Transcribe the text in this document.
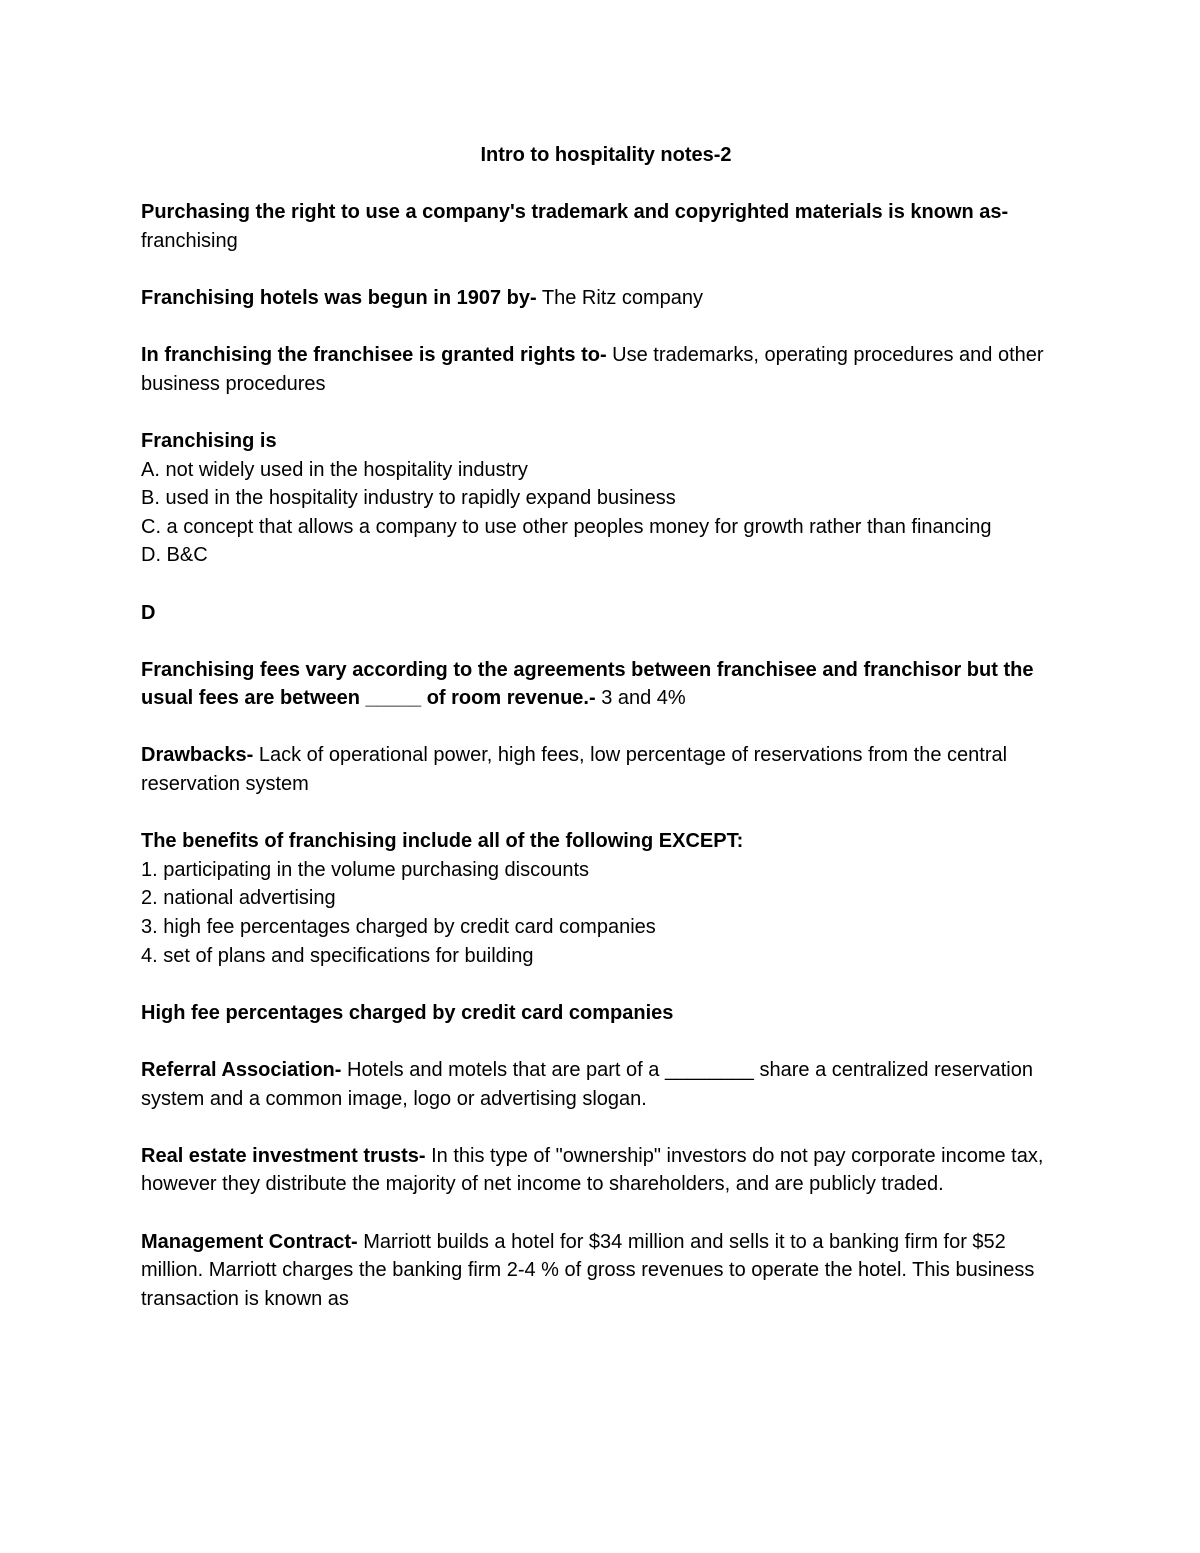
Intro to hospitality notes-2

Purchasing the right to use a company's trademark and copyrighted materials is known as- franchising

Franchising hotels was begun in 1907 by- The Ritz company

In franchising the franchisee is granted rights to- Use trademarks, operating procedures and other business procedures

Franchising is
A. not widely used in the hospitality industry
B. used in the hospitality industry to rapidly expand business
C. a concept that allows a company to use other peoples money for growth rather than financing
D. B&C

D

Franchising fees vary according to the agreements between franchisee and franchisor but the usual fees are between _____ of room revenue.- 3 and 4%

Drawbacks- Lack of operational power, high fees, low percentage of reservations from the central reservation system

The benefits of franchising include all of the following EXCEPT:
1. participating in the volume purchasing discounts
2. national advertising
3. high fee percentages charged by credit card companies
4. set of plans and specifications for building

High fee percentages charged by credit card companies

Referral Association- Hotels and motels that are part of a ________ share a centralized reservation system and a common image, logo or advertising slogan.

Real estate investment trusts- In this type of "ownership" investors do not pay corporate income tax, however they distribute the majority of net income to shareholders, and are publicly traded.

Management Contract- Marriott builds a hotel for $34 million and sells it to a banking firm for $52 million. Marriott charges the banking firm 2-4 % of gross revenues to operate the hotel. This business transaction is known as
